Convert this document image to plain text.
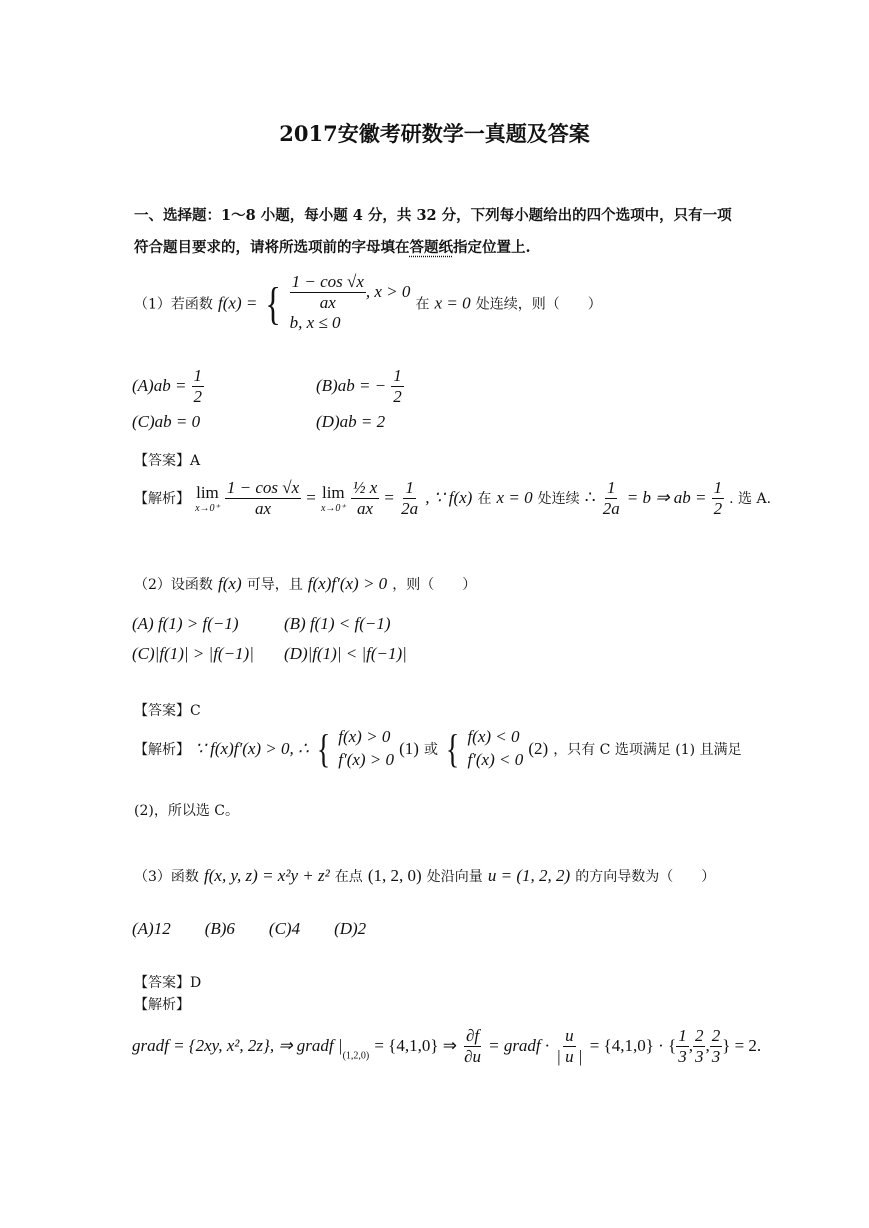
2017安徽考研数学一真题及答案
一、选择题：1～8 小题，每小题 4 分，共 32 分，下列每小题给出的四个选项中，只有一项
符合题目要求的，请将所选项前的字母填在答题纸指定位置上.
（1）若函数 f(x) = { $\frac{1 - \cos √x}{ax}$ , x > 0
b, x ≤ 0
在 x = 0 处连续，则（　　）
$(A)ab = \frac{1}{2}$	(B)ab = − $\frac{1}{2}$
(C)ab = 0	(D)ab = 2
【答案】A
【解析】 lim
x→0⁺
$\frac{1 - \cos √x}{ax} = \lim$
x→0⁺
$\frac{\text{½ x}}{ax} = \frac{1}{2a}$ , ∵ f(x) 在 x = 0 处连续 ∴ $\frac{1}{2a} = b$ ⇒ ab = $\frac{1}{2}$ . 选 A.
（2）设函数 f(x) 可导，且 f(x)f′(x) > 0 ，则（　　）
(A) f(1) > f(−1)	(B) f(1) < f(−1)
(C)|f(1)| > |f(−1)| (D)|f(1)| < |f(−1)|
【答案】C
【解析】 ∵ f(x)f′(x) > 0, ∴ { f(x) > 0
f′(x) > 0
(1) 或 { f(x) < 0
f′(x) < 0
(2) ，只有 C 选项满足 (1) 且满足
(2)，所以选 C。
（3）函数 f(x, y, z) = x²y + z² 在点 (1, 2, 0) 处沿向量 u = (1, 2, 2) 的方向导数为（　　）
(A)12　　(B)6　　(C)4　　(D)2
【答案】D
【解析】
gradf = {2xy, x², 2z}, ⇒ gradf $|_{(1,2,0)} = \{4,1,0\}$ ⇒ $\frac{\partial f}{\partial u}$ = gradf · $\frac{u}{| u |} = \{4,1,0\}$ · { $\frac{1}{3}$ , $\frac{2}{3}$ , $\frac{2}{3}$ } = 2.
